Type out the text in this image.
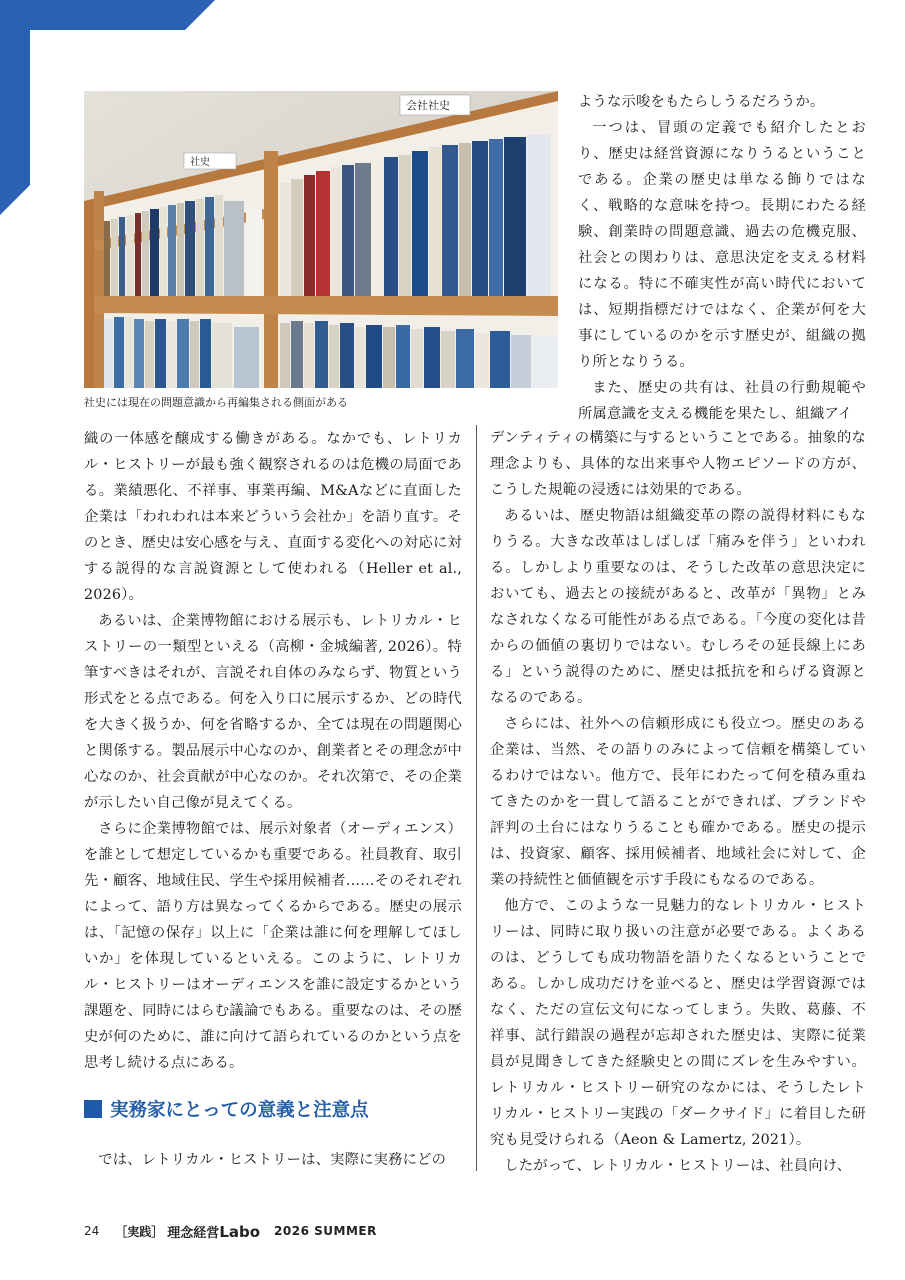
会社社史
社史
社史には現在の問題意識から再編集される側面がある

織の一体感を醸成する働きがある。なかでも、レトリカル・ヒストリーが最も強く観察されるのは危機の局面である。業績悪化、不祥事、事業再編、M&Aなどに直面した企業は「われわれは本来どういう会社か」を語り直す。そのとき、歴史は安心感を与え、直面する変化への対応に対する説得的な言説資源として使われる（Heller et al., 2026）。

あるいは、企業博物館における展示も、レトリカル・ヒストリーの一類型といえる（高柳・金城編著, 2026）。特筆すべきはそれが、言説それ自体のみならず、物質という形式をとる点である。何を入り口に展示するか、どの時代を大きく扱うか、何を省略するか、全ては現在の問題関心と関係する。製品展示中心なのか、創業者とその理念が中心なのか、社会貢献が中心なのか。それ次第で、その企業が示したい自己像が見えてくる。

さらに企業博物館では、展示対象者（オーディエンス）を誰として想定しているかも重要である。社員教育、取引先・顧客、地域住民、学生や採用候補者……そのそれぞれによって、語り方は異なってくるからである。歴史の展示は、「記憶の保存」以上に「企業は誰に何を理解してほしいか」を体現しているといえる。このように、レトリカル・ヒストリーはオーディエンスを誰に設定するかという課題を、同時にはらむ議論でもある。重要なのは、その歴史が何のために、誰に向けて語られているのかという点を思考し続ける点にある。

実務家にとっての意義と注意点

では、レトリカル・ヒストリーは、実際に実務にどの

ような示唆をもたらしうるだろうか。

一つは、冒頭の定義でも紹介したとおり、歴史は経営資源になりうるということである。企業の歴史は単なる飾りではなく、戦略的な意味を持つ。長期にわたる経験、創業時の問題意識、過去の危機克服、社会との関わりは、意思決定を支える材料になる。特に不確実性が高い時代においては、短期指標だけではなく、企業が何を大事にしているのかを示す歴史が、組織の拠り所となりうる。

また、歴史の共有は、社員の行動規範や所属意識を支える機能を果たし、組織アイ

デンティティの構築に与するということである。抽象的な理念よりも、具体的な出来事や人物エピソードの方が、こうした規範の浸透には効果的である。

あるいは、歴史物語は組織変革の際の説得材料にもなりうる。大きな改革はしばしば「痛みを伴う」といわれる。しかしより重要なのは、そうした改革の意思決定においても、過去との接続があると、改革が「異物」とみなされなくなる可能性がある点である。「今度の変化は昔からの価値の裏切りではない。むしろその延長線上にある」という説得のために、歴史は抵抗を和らげる資源となるのである。

さらには、社外への信頼形成にも役立つ。歴史のある企業は、当然、その語りのみによって信頼を構築しているわけではない。他方で、長年にわたって何を積み重ねてきたのかを一貫して語ることができれば、ブランドや評判の土台にはなりうることも確かである。歴史の提示は、投資家、顧客、採用候補者、地域社会に対して、企業の持続性と価値観を示す手段にもなるのである。

他方で、このような一見魅力的なレトリカル・ヒストリーは、同時に取り扱いの注意が必要である。よくあるのは、どうしても成功物語を語りたくなるということである。しかし成功だけを並べると、歴史は学習資源ではなく、ただの宣伝文句になってしまう。失敗、葛藤、不祥事、試行錯誤の過程が忘却された歴史は、実際に従業員が見聞きしてきた経験史との間にズレを生みやすい。レトリカル・ヒストリー研究のなかには、そうしたレトリカル・ヒストリー実践の「ダークサイド」に着目した研究も見受けられる（Aeon & Lamertz, 2021）。

したがって、レトリカル・ヒストリーは、社員向け、

24 ［実践］ 理念経営Labo 2026 SUMMER
